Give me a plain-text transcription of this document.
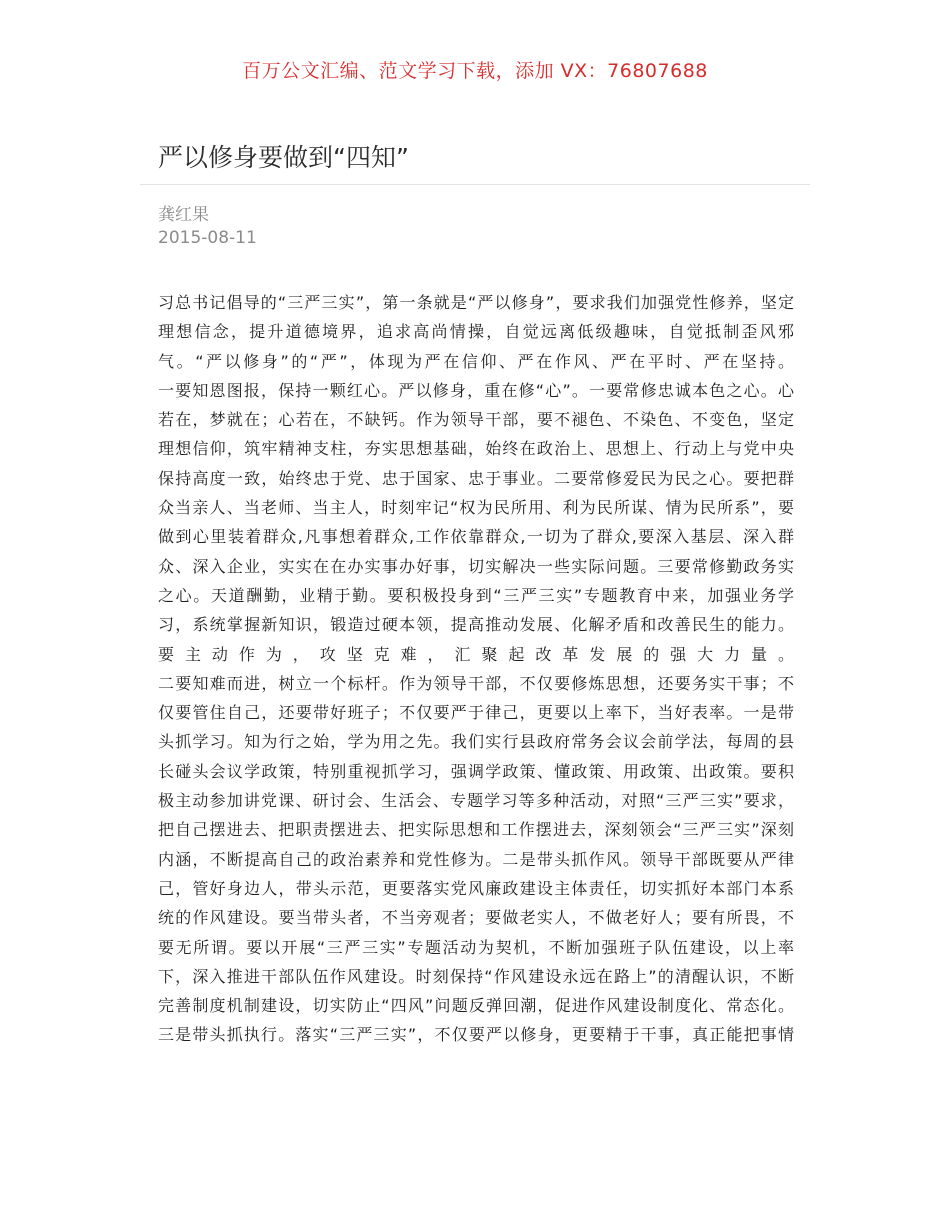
百万公文汇编、范文学习下载，添加 VX：76807688
严以修身要做到“四知”
龚红果
2015-08-11
习总书记倡导的“三严三实”，第一条就是“严以修身”，要求我们加强党性修养，坚定
理想信念，提升道德境界，追求高尚情操，自觉远离低级趣味，自觉抵制歪风邪
气。“严以修身”的“严”，体现为严在信仰、严在作风、严在平时、严在坚持。
一要知恩图报，保持一颗红心。严以修身，重在修“心”。一要常修忠诚本色之心。心
若在，梦就在；心若在，不缺钙。作为领导干部，要不褪色、不染色、不变色，坚定
理想信仰，筑牢精神支柱，夯实思想基础，始终在政治上、思想上、行动上与党中央
保持高度一致，始终忠于党、忠于国家、忠于事业。二要常修爱民为民之心。要把群
众当亲人、当老师、当主人，时刻牢记“权为民所用、利为民所谋、情为民所系”，要
做到心里装着群众,凡事想着群众,工作依靠群众,一切为了群众,要深入基层、深入群
众、深入企业，实实在在办实事办好事，切实解决一些实际问题。三要常修勤政务实
之心。天道酬勤，业精于勤。要积极投身到“三严三实”专题教育中来，加强业务学
习，系统掌握新知识，锻造过硬本领，提高推动发展、化解矛盾和改善民生的能力。
要主动作为，攻坚克难，汇聚起改革发展的强大力量。
二要知难而进，树立一个标杆。作为领导干部，不仅要修炼思想，还要务实干事；不
仅要管住自己，还要带好班子；不仅要严于律己，更要以上率下，当好表率。一是带
头抓学习。知为行之始，学为用之先。我们实行县政府常务会议会前学法，每周的县
长碰头会议学政策，特别重视抓学习，强调学政策、懂政策、用政策、出政策。要积
极主动参加讲党课、研讨会、生活会、专题学习等多种活动，对照“三严三实”要求，
把自己摆进去、把职责摆进去、把实际思想和工作摆进去，深刻领会“三严三实”深刻
内涵，不断提高自己的政治素养和党性修为。二是带头抓作风。领导干部既要从严律
己，管好身边人，带头示范，更要落实党风廉政建设主体责任，切实抓好本部门本系
统的作风建设。要当带头者，不当旁观者；要做老实人，不做老好人；要有所畏，不
要无所谓。要以开展“三严三实”专题活动为契机，不断加强班子队伍建设，以上率
下，深入推进干部队伍作风建设。时刻保持“作风建设永远在路上”的清醒认识，不断
完善制度机制建设，切实防止“四风”问题反弹回潮，促进作风建设制度化、常态化。
三是带头抓执行。落实“三严三实”，不仅要严以修身，更要精于干事，真正能把事情
